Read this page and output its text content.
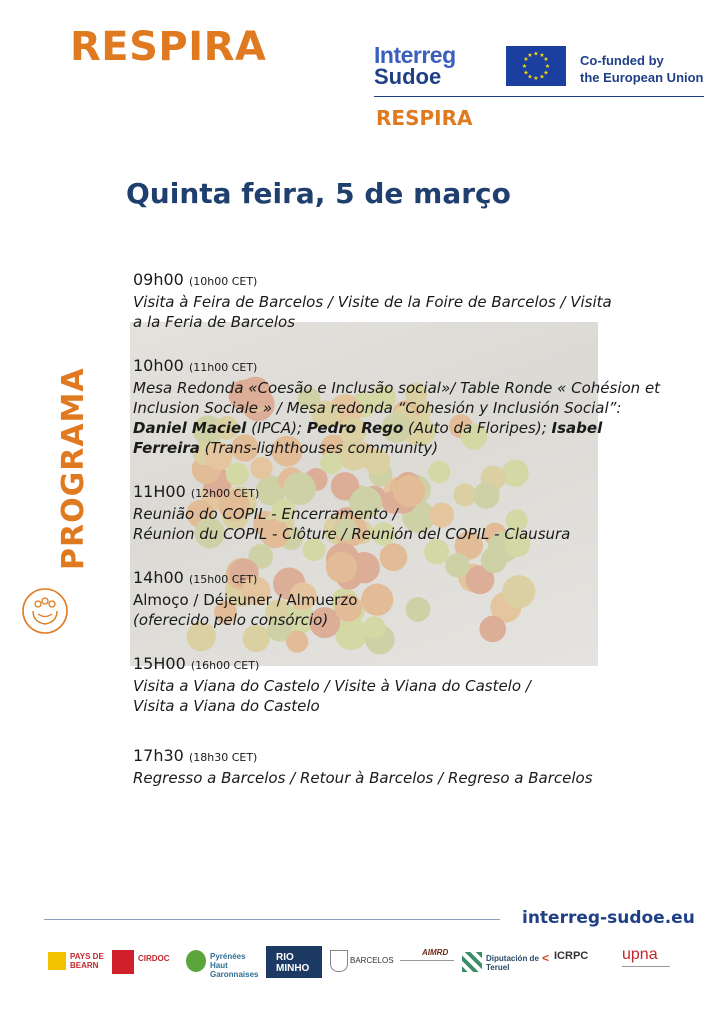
RESPIRA	Interreg
Sudoe
★ ★
★
★
★
★
★
★
★
★
★
★	Co-funded by
the European Union
RESPIRA
PROGRAMA
Quinta feira, 5 de março
09h00 (10h00 CET)
Visita à Feira de Barcelos / Visite de la Foire de Barcelos / Visita a la Feria de Barcelos
10h00 (11h00 CET)
Mesa Redonda «Coesão e Inclusão social»/ Table Ronde « Cohésion et Inclusion Sociale » / Mesa redonda “Cohesión y Inclusión Social”: Daniel Maciel (IPCA); Pedro Rego (Auto da Floripes); Isabel Ferreira (Trans-lighthouses community)
11H00 (12h00 CET)
Reunião do COPIL - Encerramento /
Réunion du COPIL - Clôture / Reunión del COPIL - Clausura
14h00 (15h00 CET)
Almoço / Déjeuner / Almuerzo
(oferecido pelo consórcio)
15H00 (16h00 CET)
Visita a Viana do Castelo / Visite à Viana do Castelo /
Visita a Viana do Castelo
17h30 (18h30 CET)
Regresso a Barcelos / Retour à Barcelos / Regreso a Barcelos
interreg-sudoe.eu
PAYS DE BEARN
CIRDOC	Pyrénées Haut Garonnaises
RIO MINHO
BARCELOS
AIMRD
Diputación de Teruel
< ICRPC upna
